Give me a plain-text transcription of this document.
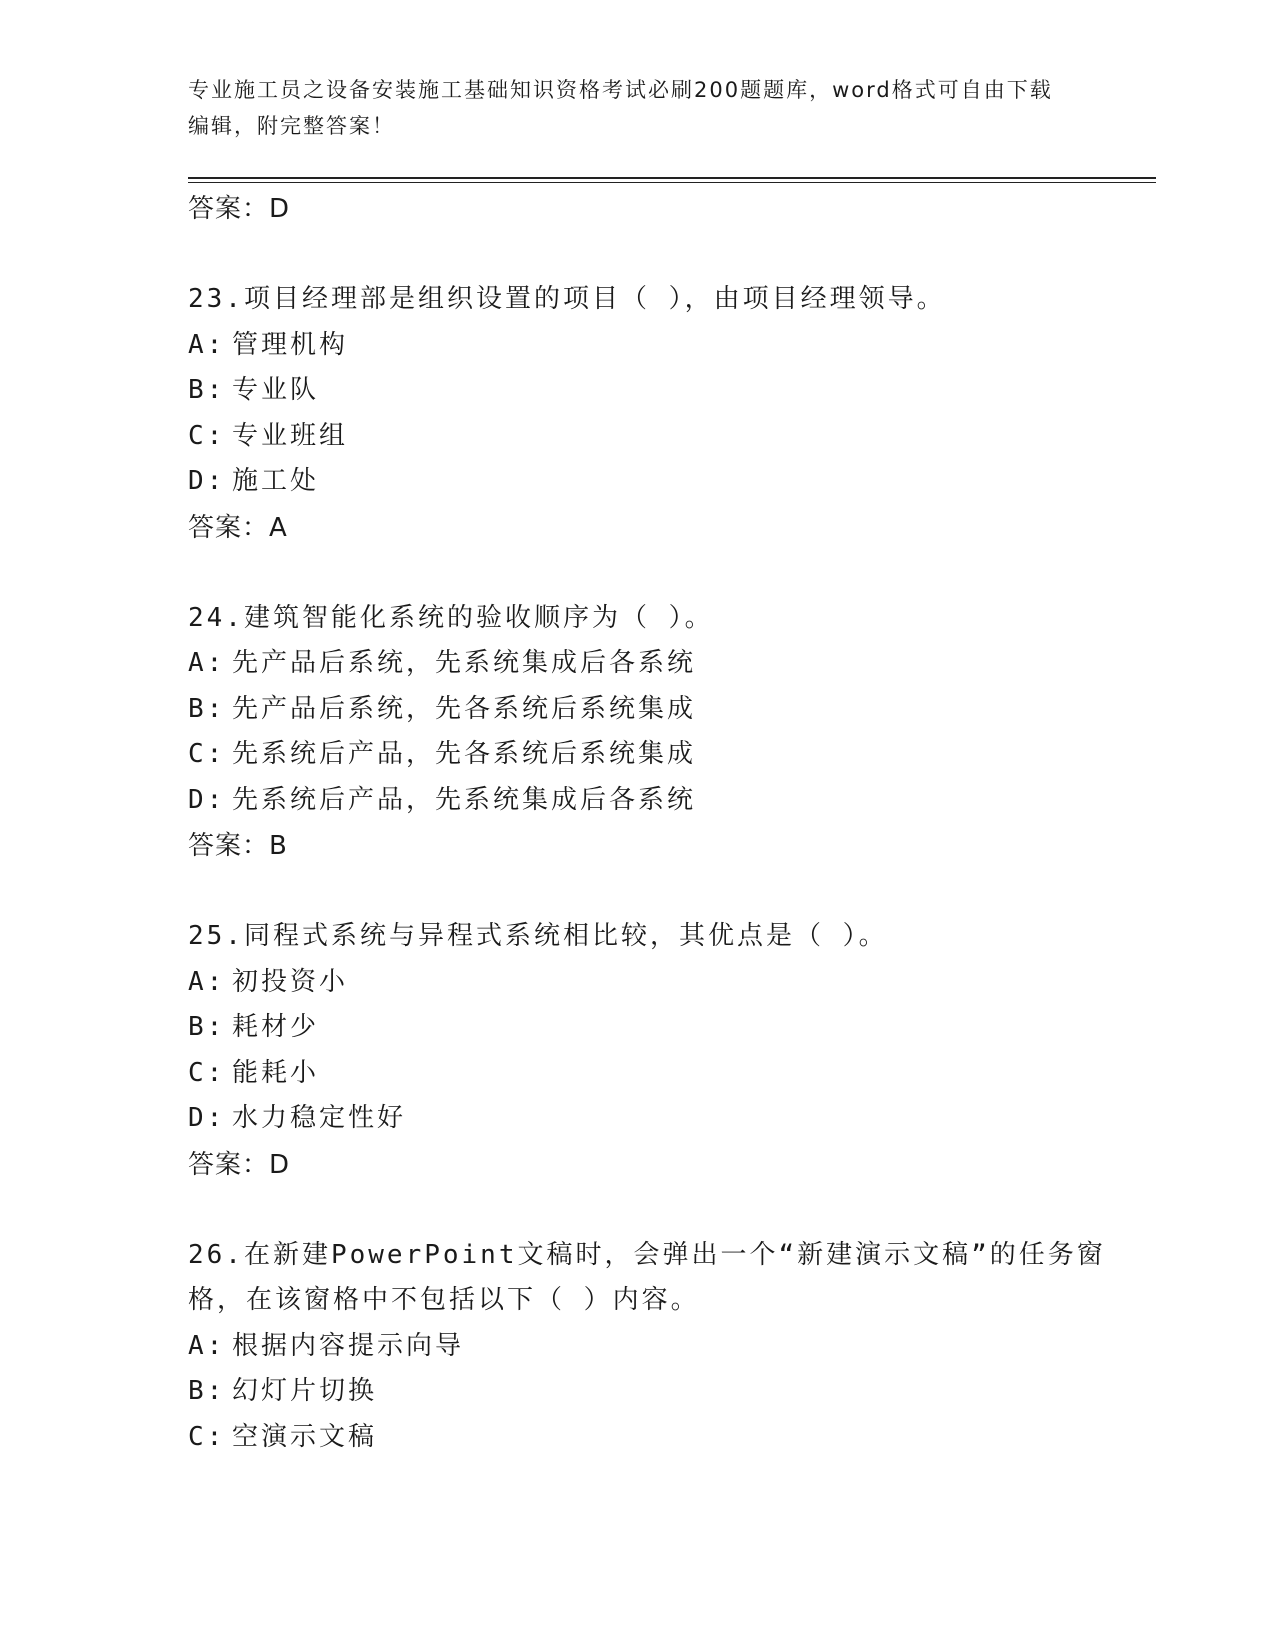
专业施工员之设备安装施工基础知识资格考试必刷200题题库，word格式可自由下载编辑，附完整答案！
答案：D
23.项目经理部是组织设置的项目（ ），由项目经理领导。
A: 管理机构
B: 专业队
C: 专业班组
D: 施工处
答案：A
24.建筑智能化系统的验收顺序为（ ）。
A: 先产品后系统，先系统集成后各系统
B: 先产品后系统，先各系统后系统集成
C: 先系统后产品，先各系统后系统集成
D: 先系统后产品，先系统集成后各系统
答案：B
25.同程式系统与异程式系统相比较，其优点是（ ）。
A: 初投资小
B: 耗材少
C: 能耗小
D: 水力稳定性好
答案：D
26.在新建PowerPoint文稿时，会弹出一个“新建演示文稿”的任务窗格，在该窗格中不包括以下（ ）内容。
A: 根据内容提示向导
B: 幻灯片切换
C: 空演示文稿
